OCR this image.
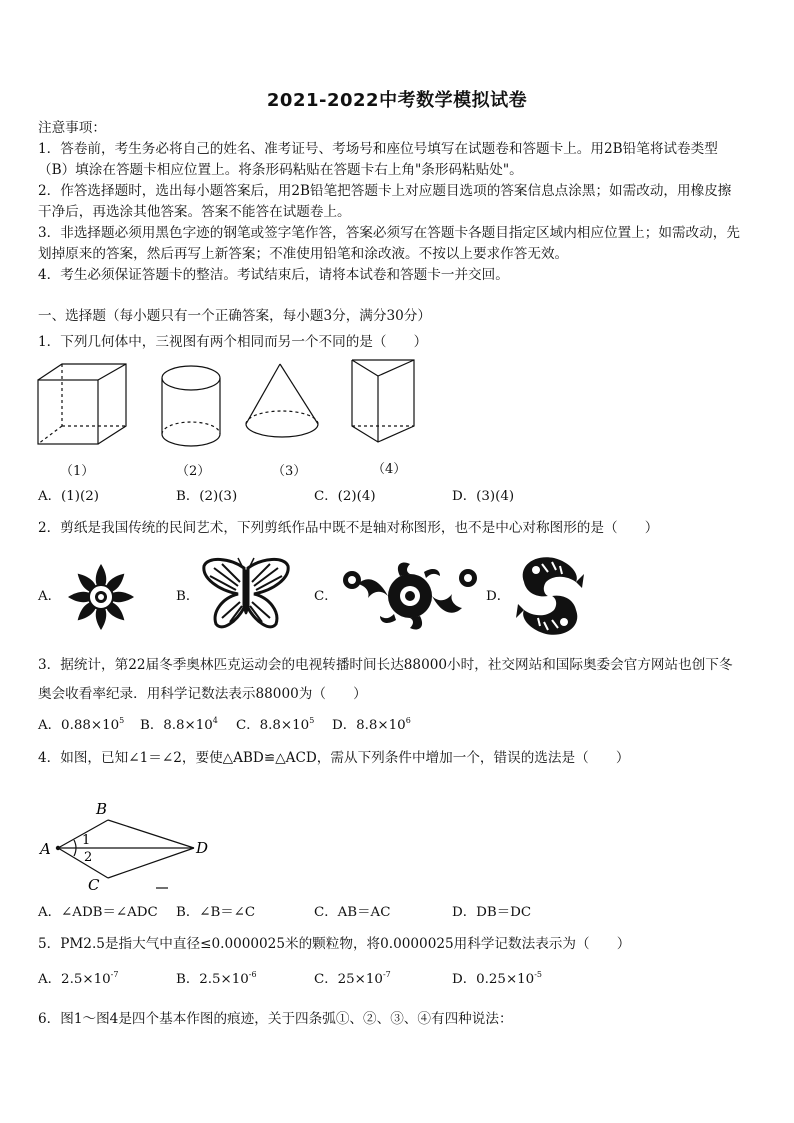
2021-2022中考数学模拟试卷
注意事项：
1．答卷前，考生务必将自己的姓名、准考证号、考场号和座位号填写在试题卷和答题卡上。用2B铅笔将试卷类型
（B）填涂在答题卡相应位置上。将条形码粘贴在答题卡右上角"条形码粘贴处"。
2．作答选择题时，选出每小题答案后，用2B铅笔把答题卡上对应题目选项的答案信息点涂黑；如需改动，用橡皮擦
干净后，再选涂其他答案。答案不能答在试题卷上。
3．非选择题必须用黑色字迹的钢笔或签字笔作答，答案必须写在答题卡各题目指定区域内相应位置上；如需改动，先
划掉原来的答案，然后再写上新答案；不准使用铅笔和涂改液。不按以上要求作答无效。
4．考生必须保证答题卡的整洁。考试结束后，请将本试卷和答题卡一并交回。
一、选择题（每小题只有一个正确答案，每小题3分，满分30分）
1．下列几何体中，三视图有两个相同而另一个不同的是（　　）
（1）	（2）	（3）	（4）
A．(1)(2)	B．(2)(3)	C．(2)(4)	D．(3)(4)
2．剪纸是我国传统的民间艺术，下列剪纸作品中既不是轴对称图形，也不是中心对称图形的是（　　）
A．	B．	C．	D．
3．据统计，第22届冬季奥林匹克运动会的电视转播时间长达88000小时，社交网站和国际奥委会官方网站也创下冬
奥会收看率纪录．用科学记数法表示88000为（　　）
A．$0.88\times 10^5$ B．$8.8\times 10^4$ C．$8.8\times 10^5$ D．$8.8\times 10^6$
4．如图，已知∠1＝∠2，要使△ABD≌△ACD，需从下列条件中增加一个，错误的选法是（　　）
A
B
C
D
1
2
A．∠ADB＝∠ADC B．∠B＝∠C	C．AB＝AC	D．DB＝DC
5．PM2.5是指大气中直径≤0.0000025米的颗粒物，将0.0000025用科学记数法表示为（　　）
A．$2.5\times 10^{-7}$	B．$2.5\times 10^{-6}$	C．$25\times 10^{-7}$	D．$0.25\times 10^{-5}$
6．图1～图4是四个基本作图的痕迹，关于四条弧①、②、③、④有四种说法：
